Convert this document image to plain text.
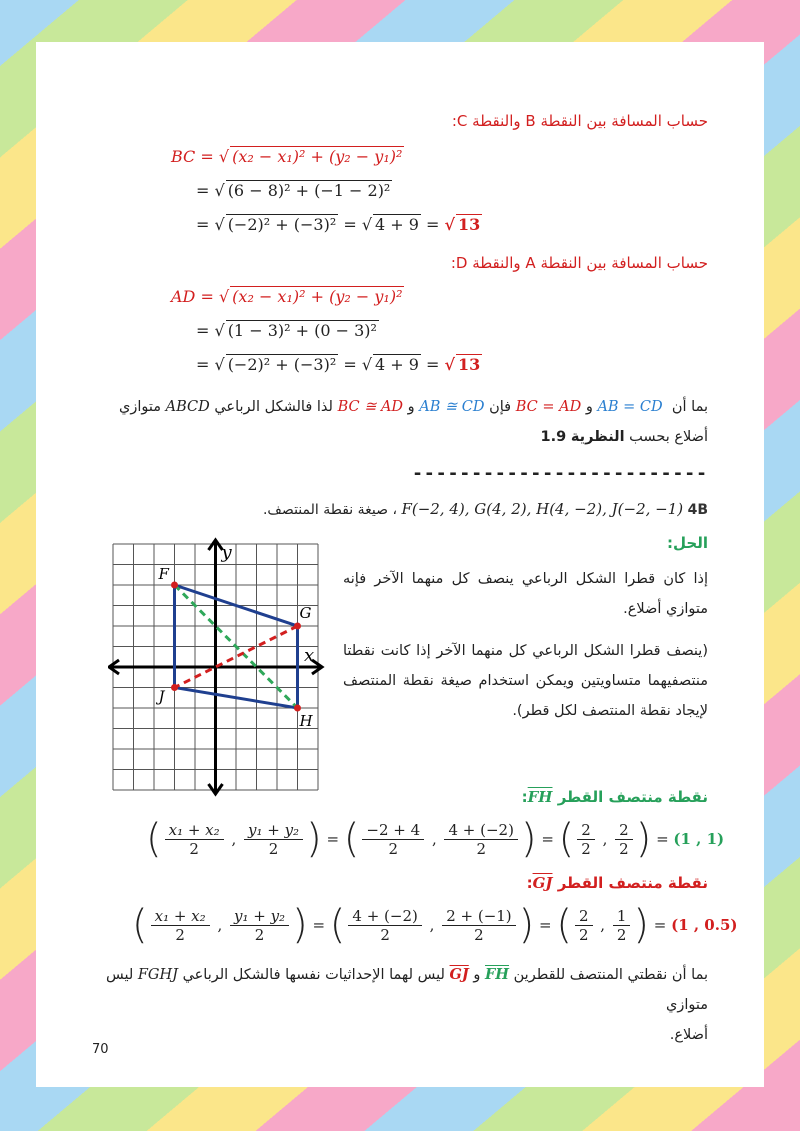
حساب المسافة بين النقطة B والنقطة C:
BC = √ (x₂ − x₁)² + (y₂ − y₁)²
= √ (6 − 8)² + (−1 − 2)²
= √ (−2)² + (−3)² = √ 4 + 9 = √ 13
حساب المسافة بين النقطة A والنقطة D:
AD = √ (x₂ − x₁)² + (y₂ − y₁)²
= √ (1 − 3)² + (0 − 3)²
= √ (−2)² + (−3)² = √ 4 + 9 = √ 13
بما أن  AB = CD و BC = AD فإن AB ≅ CD و BC ≅ AD لذا فالشكل الرباعي ABCD متوازي
أضلاع بحسب النظرية 1.9
-------------------------
4B F(−2, 4), G(4, 2), H(4, −2), J(−2, −1) ، صيغة نقطة المنتصف.
الحل:
إذا كان قطرا الشكل الرباعي ينصف كل منهما الآخر فإنه متوازي أضلاع.
(ينصف قطرا الشكل الرباعي كل منهما الآخر إذا كانت نقطتا منتصفيهما متساويتين ويمكن استخدام صيغة نقطة المنتصف لإيجاد نقطة المنتصف لكل قطر).
x
y
F
G
H
J
نقطة منتصف القطر $\overline{FH}$:
( $\frac{\text{x₁ + x₂}}{2}$ , $\frac{\text{y₁ + y₂}}{2}$ ) = ( $\frac{-2 + 4}{2}$ , $\frac{4 + (-2)}{2}$ ) = ( $\frac{2}{2}$ , $\frac{2}{2}$ ) = (1 , 1)
نقطة منتصف القطر $\overline{GJ}$:
( $\frac{\text{x₁ + x₂}}{2}$ , $\frac{\text{y₁ + y₂}}{2}$ ) = ( $\frac{4 + (-2)}{2}$ , $\frac{2 + (-1)}{2}$ ) = ( $\frac{2}{2}$ , $\frac{1}{2}$ ) = (1 , 0.5)
بما أن نقطتي المنتصف للقطرين $\overline{FH}$ و $\overline{GJ}$ ليس لهما الإحداثيات نفسها فالشكل الرباعي FGHJ ليس متوازي
أضلاع.
70
